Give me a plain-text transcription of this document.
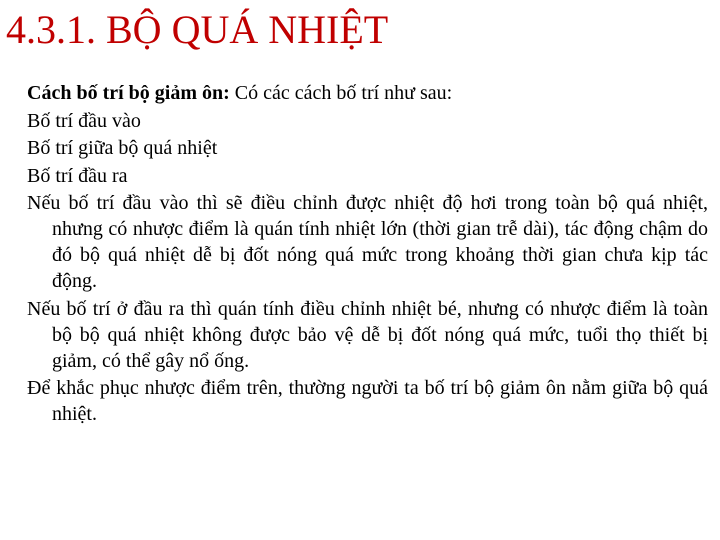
4.3.1. BỘ QUÁ NHIỆT

Cách bố trí bộ giảm ôn: Có các cách bố trí như sau:

Bố trí đầu vào

Bố trí giữa bộ quá nhiệt

Bố trí đầu ra

Nếu bố trí đầu vào thì sẽ điều chỉnh được nhiệt độ hơi trong toàn bộ quá nhiệt, nhưng có nhược điểm là quán tính nhiệt lớn (thời gian trễ dài), tác động chậm do đó bộ quá nhiệt dễ bị đốt nóng quá mức trong khoảng thời gian chưa kịp tác động.

Nếu bố trí ở đầu ra thì quán tính điều chỉnh nhiệt bé, nhưng có nhược điểm là toàn bộ bộ quá nhiệt không được bảo vệ dễ bị đốt nóng quá mức, tuổi thọ thiết bị giảm, có thể gây nổ ống.

Để khắc phục nhược điểm trên, thường người ta bố trí bộ giảm ôn nằm giữa bộ quá nhiệt.
